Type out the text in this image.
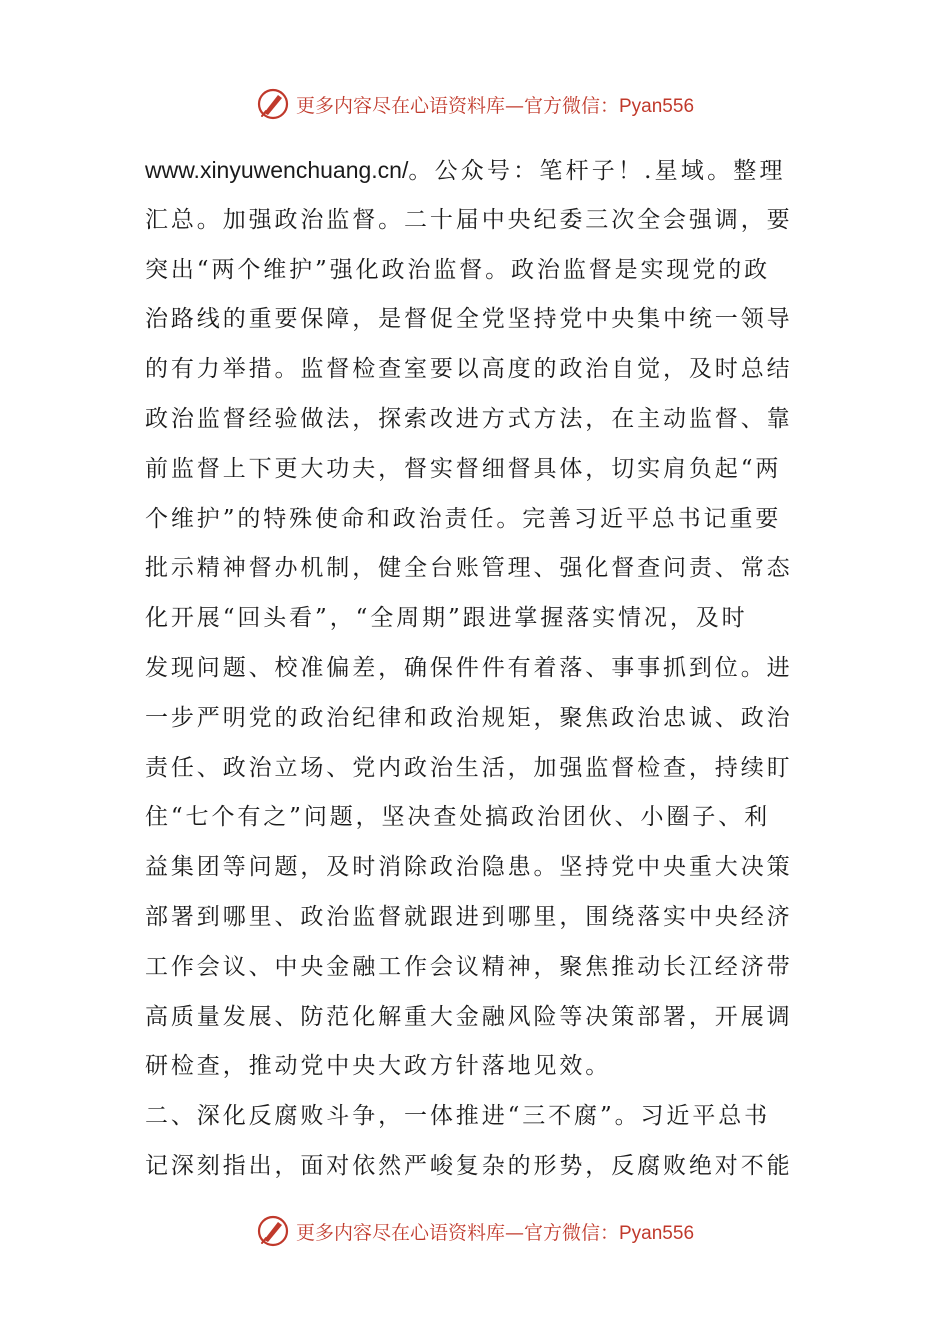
更多内容尽在心语资料库—官方微信：Pyan556
www.xinyuwenchuang.cn/。公众号：笔杆子！.星域。整理
汇总。加强政治监督。二十届中央纪委三次全会强调，要
突出“两个维护”强化政治监督。政治监督是实现党的政
治路线的重要保障，是督促全党坚持党中央集中统一领导
的有力举措。监督检查室要以高度的政治自觉，及时总结
政治监督经验做法，探索改进方式方法，在主动监督、靠
前监督上下更大功夫，督实督细督具体，切实肩负起“两
个维护”的特殊使命和政治责任。完善习近平总书记重要
批示精神督办机制，健全台账管理、强化督查问责、常态
化开展“回头看”，“全周期”跟进掌握落实情况，及时
发现问题、校准偏差，确保件件有着落、事事抓到位。进
一步严明党的政治纪律和政治规矩，聚焦政治忠诚、政治
责任、政治立场、党内政治生活，加强监督检查，持续盯
住“七个有之”问题，坚决查处搞政治团伙、小圈子、利
益集团等问题，及时消除政治隐患。坚持党中央重大决策
部署到哪里、政治监督就跟进到哪里，围绕落实中央经济
工作会议、中央金融工作会议精神，聚焦推动长江经济带
高质量发展、防范化解重大金融风险等决策部署，开展调
研检查，推动党中央大政方针落地见效。
二、深化反腐败斗争，一体推进“三不腐”。习近平总书
记深刻指出，面对依然严峻复杂的形势，反腐败绝对不能
更多内容尽在心语资料库—官方微信：Pyan556
